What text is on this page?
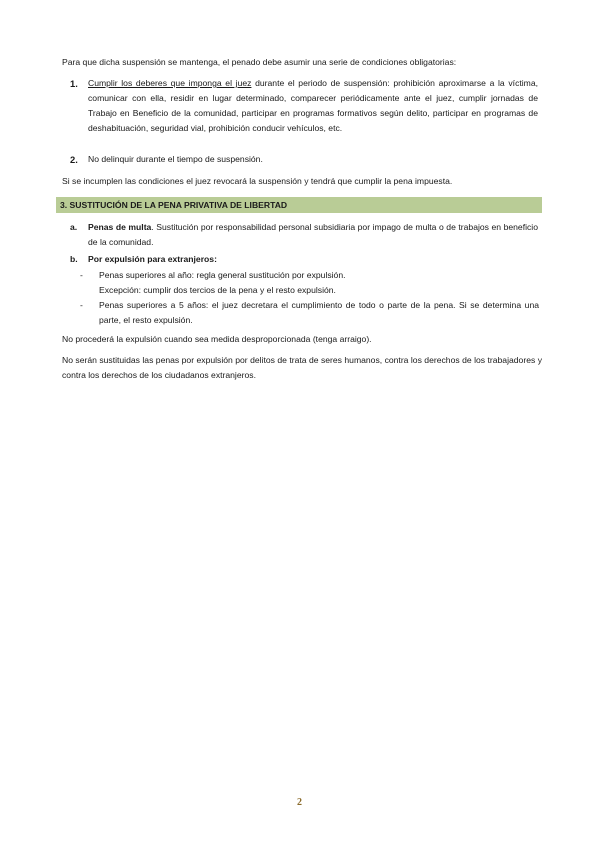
Para que dicha suspensión se mantenga, el penado debe asumir una serie de condiciones obligatorias:

1. Cumplir los deberes que imponga el juez durante el periodo de suspensión: prohibición aproximarse a la víctima, comunicar con ella, residir en lugar determinado, comparecer periódicamente ante el juez, cumplir jornadas de Trabajo en Beneficio de la comunidad, participar en programas formativos según delito, participar en programas de deshabituación, seguridad vial, prohibición conducir vehículos, etc.

2. No delinquir durante el tiempo de suspensión.

Si se incumplen las condiciones el juez revocará la suspensión y tendrá que cumplir la pena impuesta.

3. SUSTITUCIÓN DE LA PENA PRIVATIVA DE LIBERTAD
a. Penas de multa. Sustitución por responsabilidad personal subsidiaria por impago de multa o de trabajos en beneficio de la comunidad.

b. Por expulsión para extranjeros:

- Penas superiores al año: regla general sustitución por expulsión.

Excepción: cumplir dos tercios de la pena y el resto expulsión.

- Penas superiores a 5 años: el juez decretara el cumplimiento de todo o parte de la pena. Si se determina una parte, el resto expulsión.

No procederá la expulsión cuando sea medida desproporcionada (tenga arraigo).

No serán sustituidas las penas por expulsión por delitos de trata de seres humanos, contra los derechos de los trabajadores y contra los derechos de los ciudadanos extranjeros.

2
